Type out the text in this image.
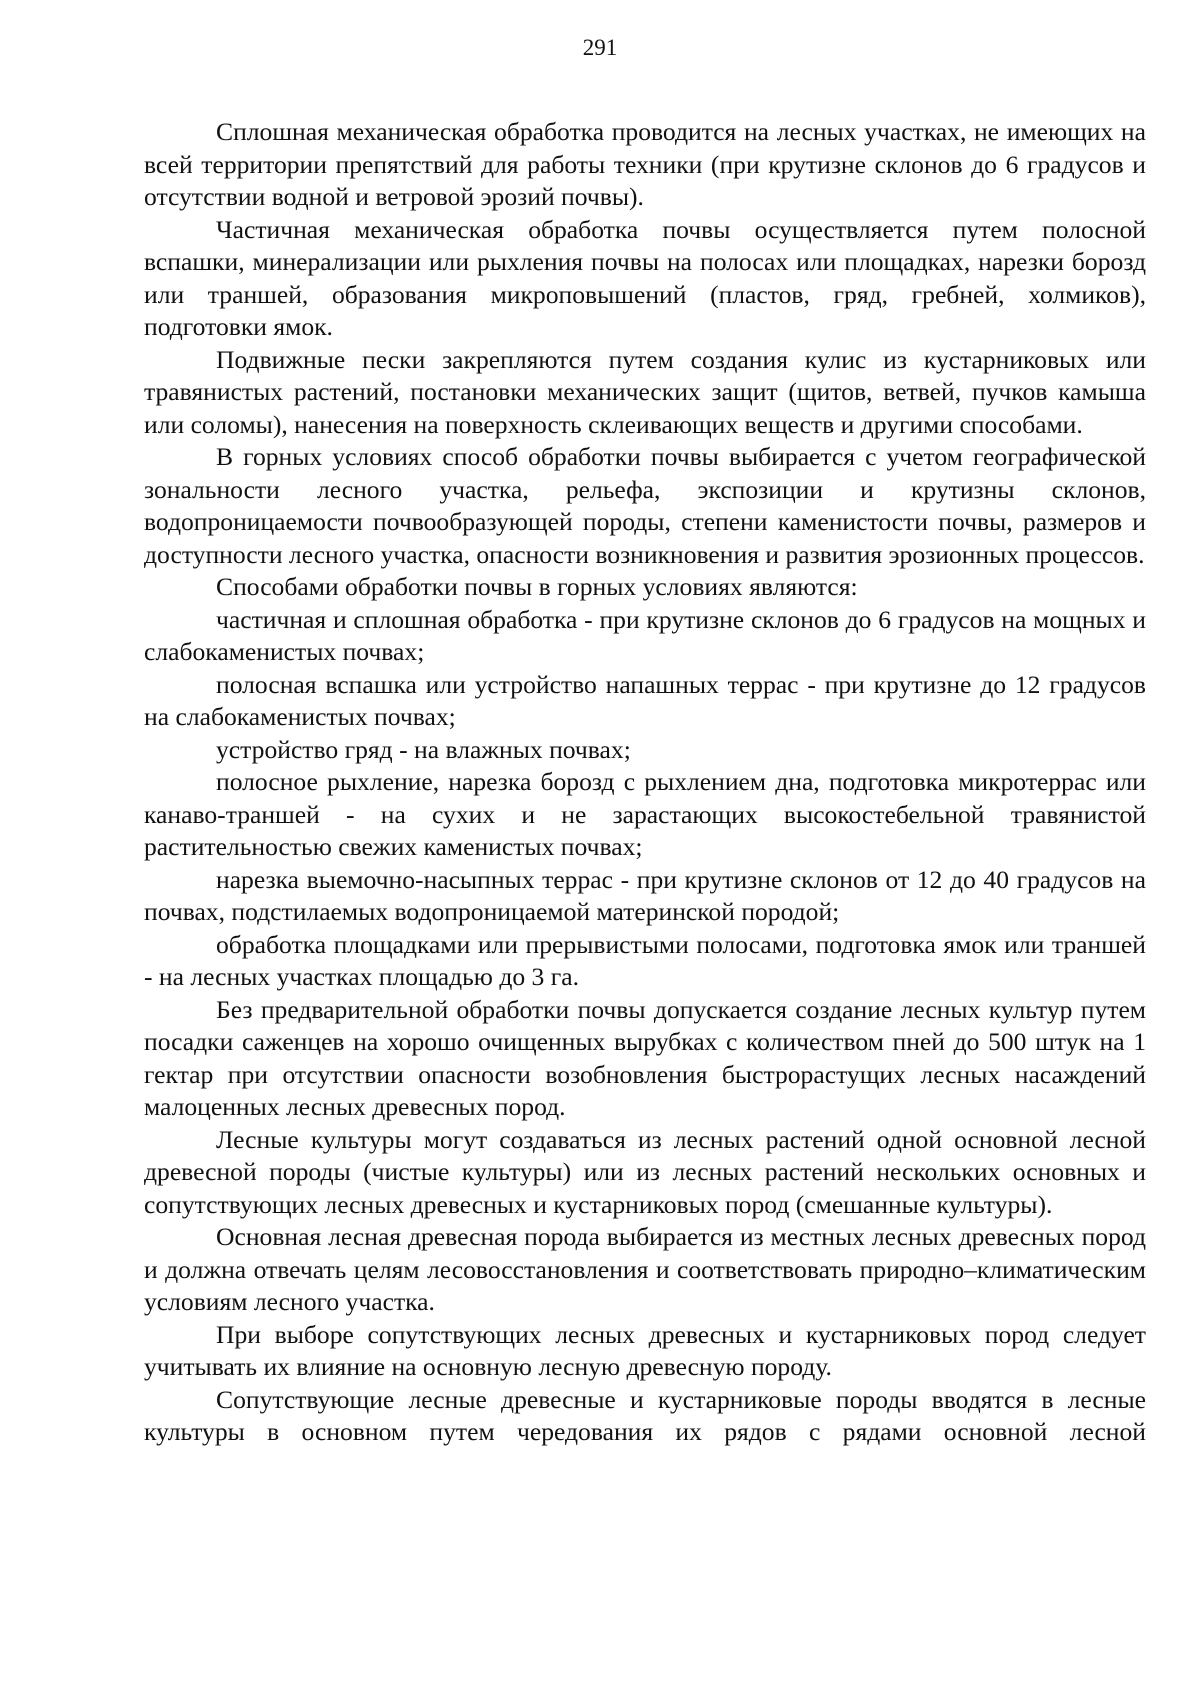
291

Сплошная механическая обработка проводится на лесных участках, не имеющих на всей территории препятствий для работы техники (при крутизне склонов до 6 градусов и отсутствии водной и ветровой эрозий почвы).

Частичная механическая обработка почвы осуществляется путем полосной вспашки, минерализации или рыхления почвы на полосах или площадках, нарезки борозд или траншей, образования микроповышений (пластов, гряд, гребней, холмиков), подготовки ямок.

Подвижные пески закрепляются путем создания кулис из кустарниковых или травянистых растений, постановки механических защит (щитов, ветвей, пучков камыша или соломы), нанесения на поверхность склеивающих веществ и другими способами.

В горных условиях способ обработки почвы выбирается с учетом географической зональности лесного участка, рельефа, экспозиции и крутизны склонов, водопроницаемости почвообразующей породы, степени каменистости почвы, размеров и доступности лесного участка, опасности возникновения и развития эрозионных процессов.

Способами обработки почвы в горных условиях являются:

частичная и сплошная обработка - при крутизне склонов до 6 градусов на мощных и слабокаменистых почвах;

полосная вспашка или устройство напашных террас - при крутизне до 12 градусов на слабокаменистых почвах;

устройство гряд - на влажных почвах;

полосное рыхление, нарезка борозд с рыхлением дна, подготовка микротеррас или канаво-траншей - на сухих и не зарастающих высокостебельной травянистой растительностью свежих каменистых почвах;

нарезка выемочно-насыпных террас - при крутизне склонов от 12 до 40 градусов на почвах, подстилаемых водопроницаемой материнской породой;

обработка площадками или прерывистыми полосами, подготовка ямок или траншей - на лесных участках площадью до 3 га.

Без предварительной обработки почвы допускается создание лесных культур путем посадки саженцев на хорошо очищенных вырубках с количеством пней до 500 штук на 1 гектар при отсутствии опасности возобновления быстрорастущих лесных насаждений малоценных лесных древесных пород.

Лесные культуры могут создаваться из лесных растений одной основной лесной древесной породы (чистые культуры) или из лесных растений нескольких основных и сопутствующих лесных древесных и кустарниковых пород (смешанные культуры).

Основная лесная древесная порода выбирается из местных лесных древесных пород и должна отвечать целям лесовосстановления и соответствовать природно–климатическим условиям лесного участка.

При выборе сопутствующих лесных древесных и кустарниковых пород следует учитывать их влияние на основную лесную древесную породу.

Сопутствующие лесные древесные и кустарниковые породы вводятся в лесные культуры в основном путем чередования их рядов с рядами основной лесной
